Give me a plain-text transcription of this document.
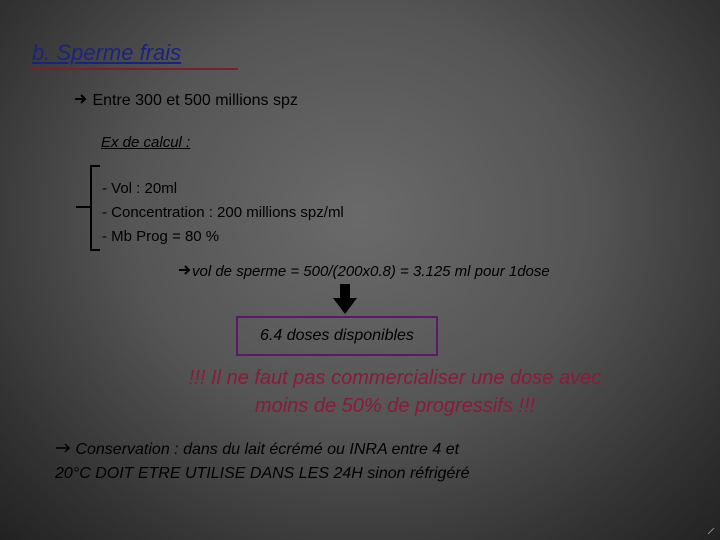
b. Sperme frais
Entre 300 et 500 millions spz
Ex de calcul :
- Vol : 20ml
- Concentration : 200 millions spz/ml
- Mb Prog = 80 %
vol de sperme = 500/(200x0.8) = 3.125 ml pour 1dose
6.4 doses disponibles
!!! Il ne faut pas commercialiser une dose avec
moins de 50% de progressifs !!!
Conservation : dans du lait écrémé ou INRA entre 4 et
20°C DOIT ETRE UTILISE DANS LES 24H sinon réfrigéré
